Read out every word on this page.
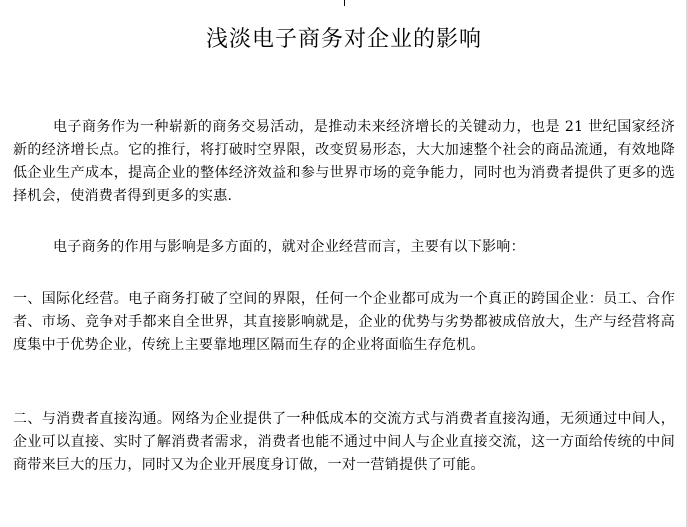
浅淡电子商务对企业的影响
电子商务作为一种崭新的商务交易活动，是推动未来经济增长的关键动力，也是 21 世纪国家经济新的经济增长点。它的推行，将打破时空界限，改变贸易形态，大大加速整个社会的商品流通，有效地降低企业生产成本，提高企业的整体经济效益和参与世界市场的竞争能力，同时也为消费者提供了更多的选择机会，使消费者得到更多的实惠.
电子商务的作用与影响是多方面的，就对企业经营而言，主要有以下影响：
一、国际化经营。电子商务打破了空间的界限，任何一个企业都可成为一个真正的跨国企业：员工、合作者、市场、竞争对手都来自全世界，其直接影响就是，企业的优势与劣势都被成倍放大，生产与经营将高度集中于优势企业，传统上主要靠地理区隔而生存的企业将面临生存危机。
二、与消费者直接沟通。网络为企业提供了一种低成本的交流方式与消费者直接沟通，无须通过中间人，企业可以直接、实时了解消费者需求，消费者也能不通过中间人与企业直接交流，这一方面给传统的中间商带来巨大的压力，同时又为企业开展度身订做，一对一营销提供了可能。
